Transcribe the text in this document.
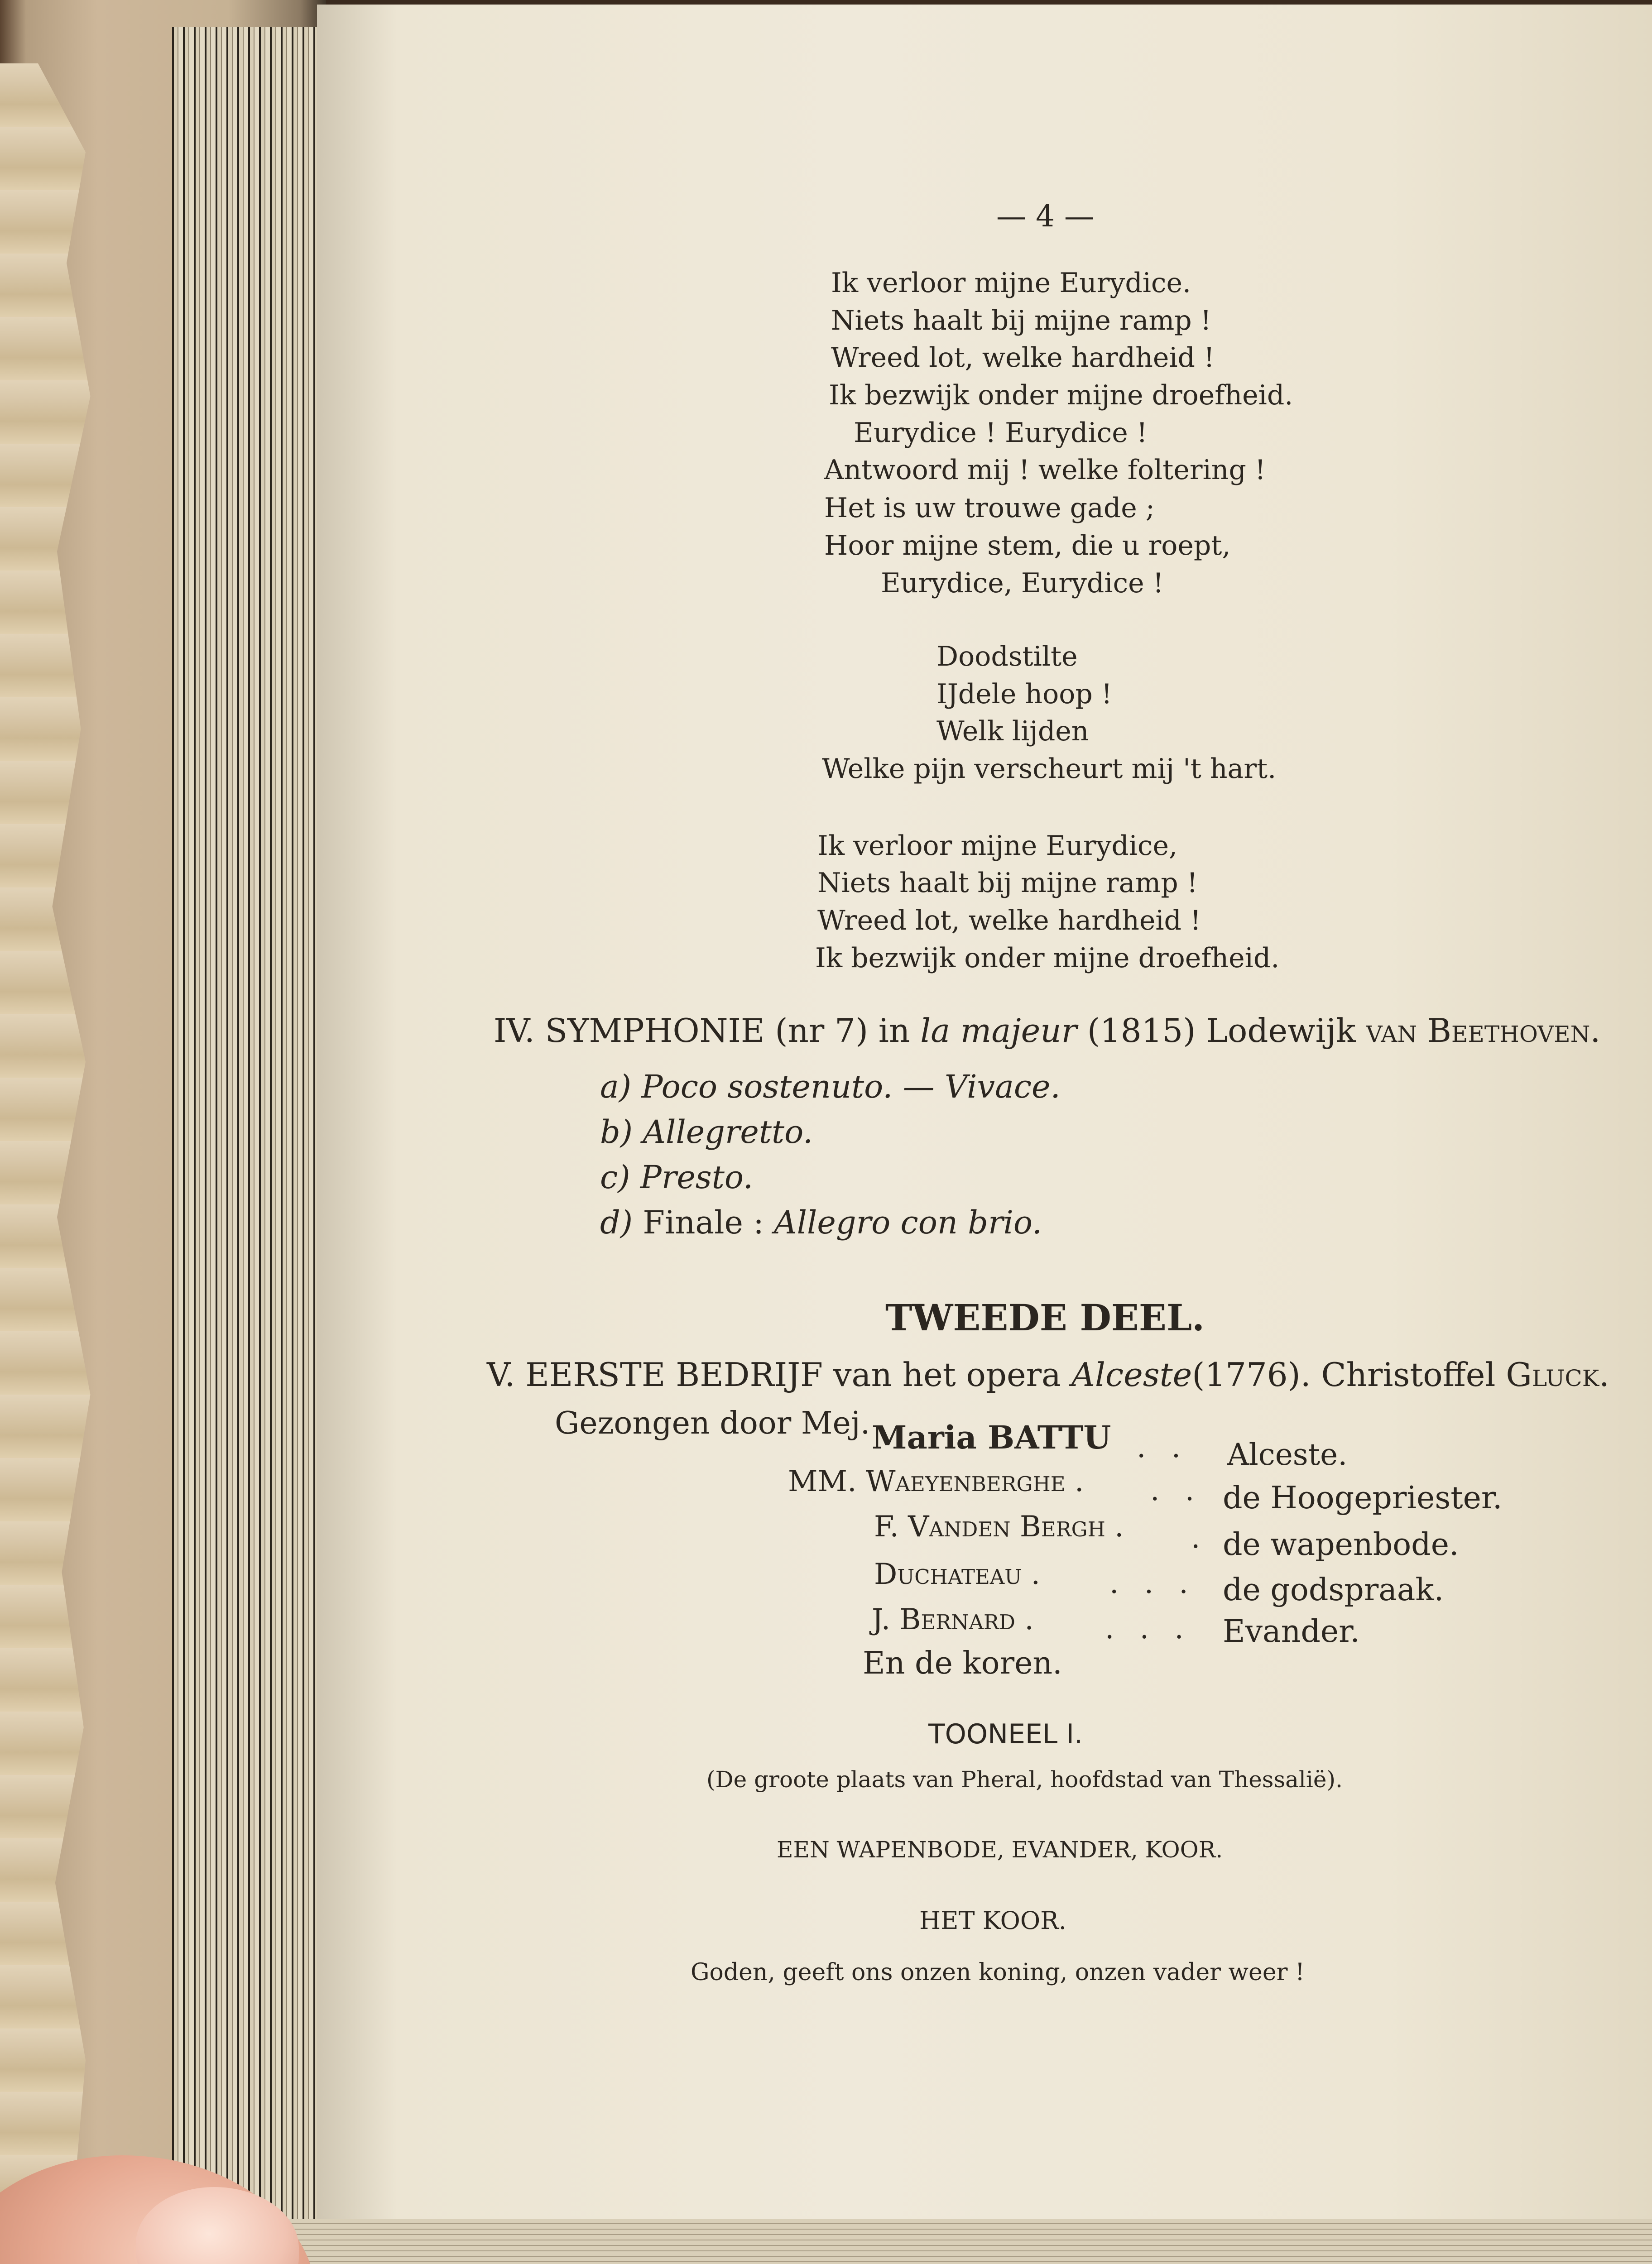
— 4 —
Ik verloor mijne Eurydice.
Niets haalt bij mijne ramp !
Wreed lot, welke hardheid !
Ik bezwijk onder mijne droefheid.
Eurydice ! Eurydice !
Antwoord mij ! welke foltering !
Het is uw trouwe gade ;
Hoor mijne stem, die u roept,
Eurydice, Eurydice !
Doodstilte
IJdele hoop !
Welk lijden
Welke pijn verscheurt mij 't hart.
Ik verloor mijne Eurydice,
Niets haalt bij mijne ramp !
Wreed lot, welke hardheid !
Ik bezwijk onder mijne droefheid.
IV. SYMPHONIE (nr 7) in la majeur (1815) Lodewijk van Beethoven.
a) Poco sostenuto. — Vivace.
b) Allegretto.
c) Presto.
d) Finale : Allegro con brio.
TWEEDE DEEL.
V. EERSTE BEDRIJF van het opera Alceste(1776). Christoffel Gluck.
Gezongen door Mej. Maria BATTU . . Alceste.
MM. Waeyenberghe . . . de Hoogepriester.
F. Vanden Bergh . . de wapenbode.
Duchateau . . . . de godspraak.
J. Bernard . . . . Evander.
En de koren.
TOONEEL I.
(De groote plaats van Pheral, hoofdstad van Thessalië).
EEN WAPENBODE, EVANDER, KOOR.
HET KOOR.
Goden, geeft ons onzen koning, onzen vader weer !
